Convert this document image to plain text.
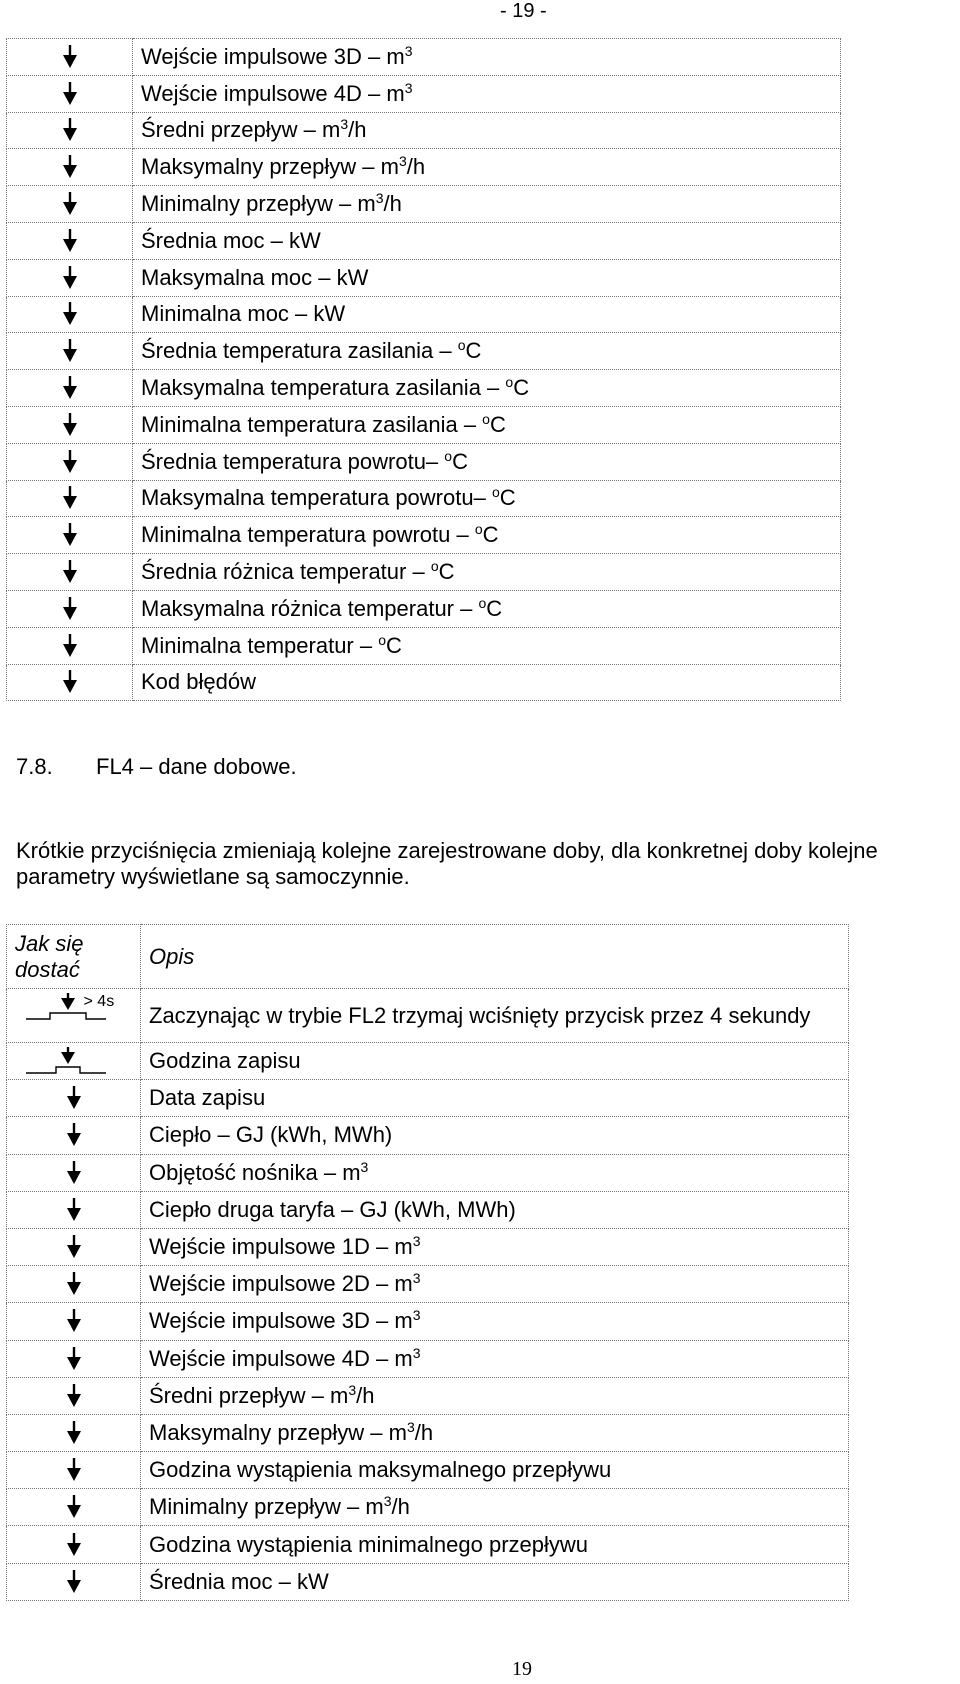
- 19 -
	Wejście impulsowe $3D - m^3$

	Wejście impulsowe $4D - m^3$

	Średni przepływ – $m^3/h$

	Maksymalny przepływ – $m^3/h$

	Minimalny przepływ – $m^3/h$

	Średnia moc – kW

	Maksymalna moc – kW

	Minimalna moc – kW

	Średnia temperatura zasilania – $^o$C

	Maksymalna temperatura zasilania – $^o$C

	Minimalna temperatura zasilania – $^o$C

	Średnia temperatura powrotu– $^o$C

	Maksymalna temperatura powrotu– $^o$C

	Minimalna temperatura powrotu – $^o$C

	Średnia różnica temperatur – $^o$C

	Maksymalna różnica temperatur – $^o$C

	Minimalna temperatur – $^o$C

	Kod błędów
7.8. FL4 – dane dobowe.
Krótkie przyciśnięcia zmieniają kolejne zarejestrowane doby, dla konkretnej doby kolejne parametry wyświetlane są samoczynnie.
Jak się dostać	Opis

> 4s	Zaczynając w trybie FL2 trzymaj wciśnięty przycisk przez 4 sekundy
	Godzina zapisu

	Data zapisu

	Ciepło – GJ (kWh, MWh)

	Objętość nośnika – $m^3$

	Ciepło druga taryfa – GJ (kWh, MWh)

	Wejście impulsowe $1D - m^3$

	Wejście impulsowe $2D - m^3$

	Wejście impulsowe $3D - m^3$

	Wejście impulsowe $4D - m^3$

	Średni przepływ – $m^3/h$

	Maksymalny przepływ – $m^3/h$

	Godzina wystąpienia maksymalnego przepływu

	Minimalny przepływ – $m^3/h$

	Godzina wystąpienia minimalnego przepływu

	Średnia moc – kW
19
